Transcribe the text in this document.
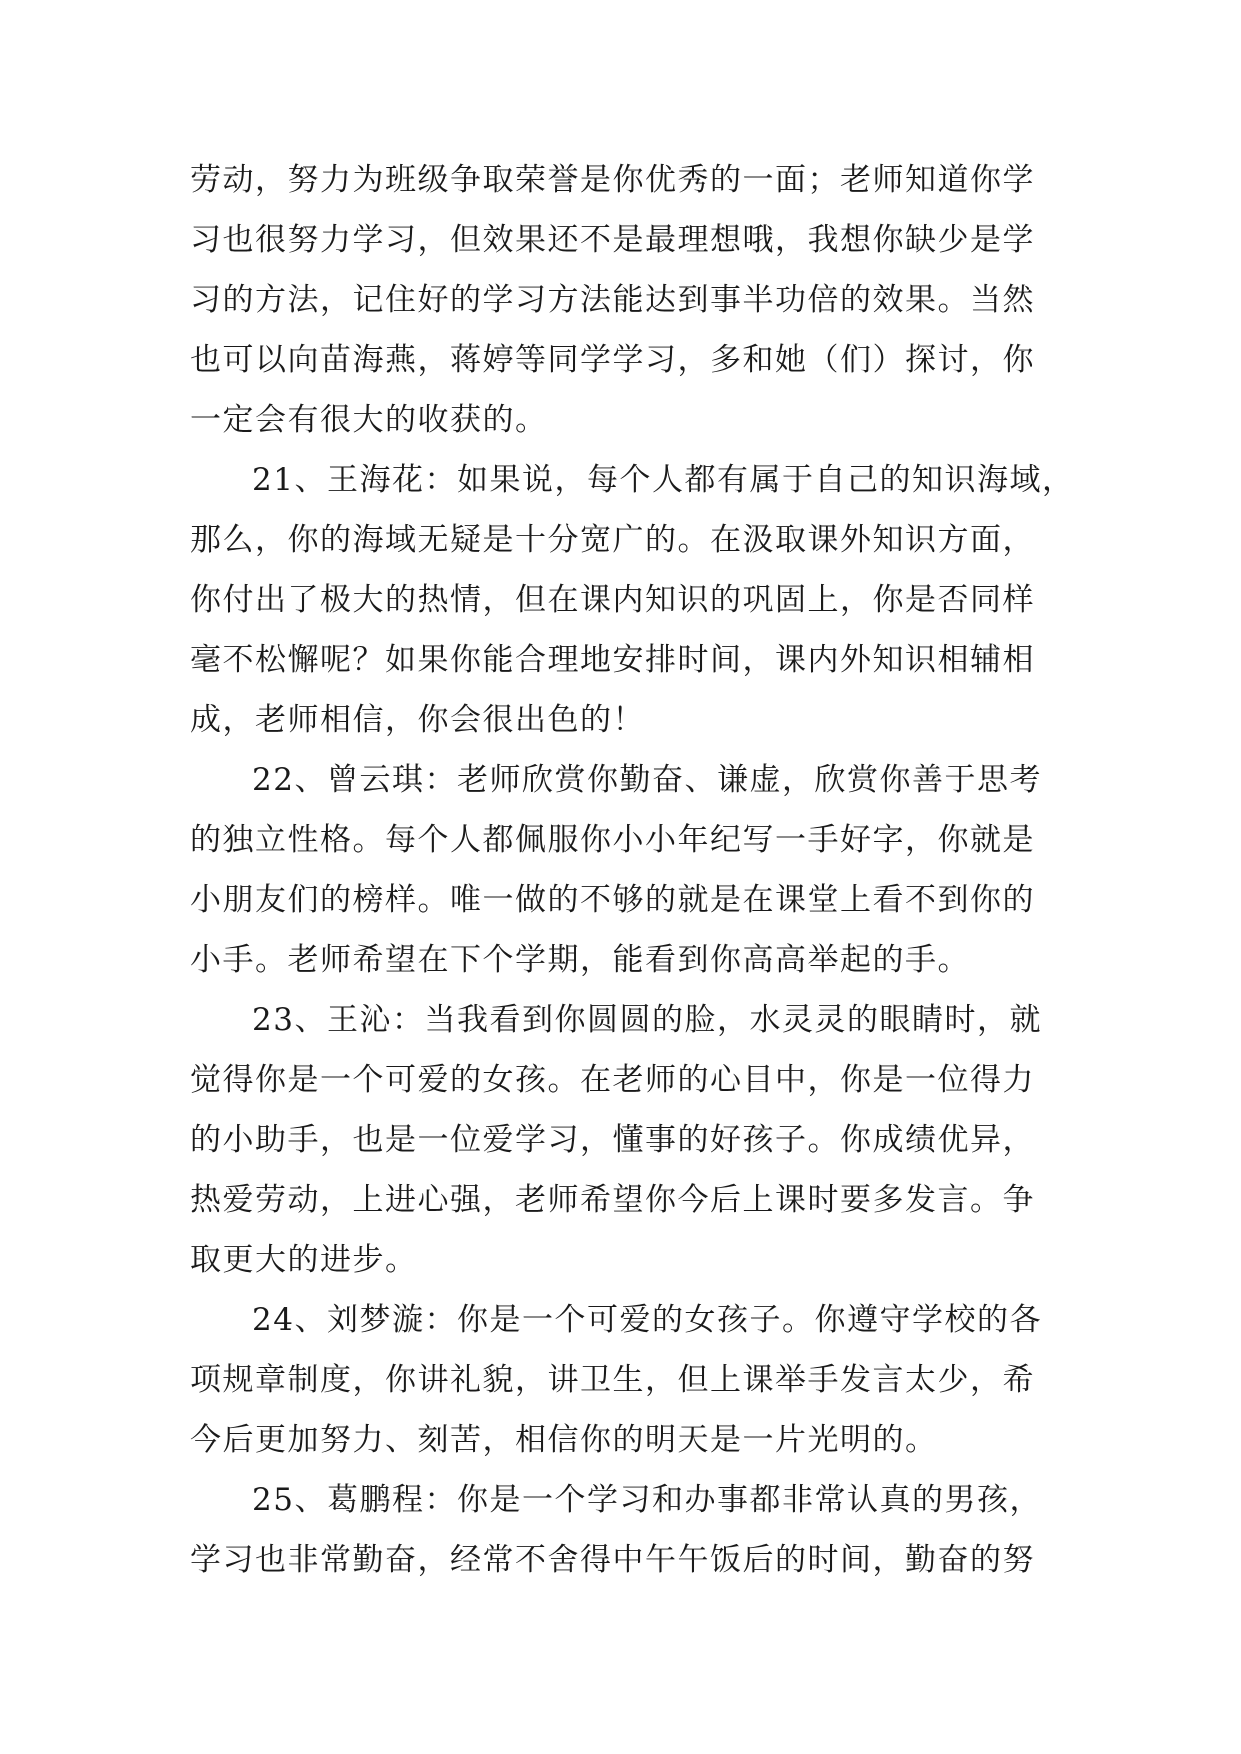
劳动，努力为班级争取荣誉是你优秀的一面；老师知道你学
习也很努力学习，但效果还不是最理想哦，我想你缺少是学
习的方法，记住好的学习方法能达到事半功倍的效果。当然
也可以向苗海燕，蒋婷等同学学习，多和她（们）探讨，你
一定会有很大的收获的。
21、王海花：如果说，每个人都有属于自己的知识海域，
那么，你的海域无疑是十分宽广的。在汲取课外知识方面，
你付出了极大的热情，但在课内知识的巩固上，你是否同样
毫不松懈呢？如果你能合理地安排时间，课内外知识相辅相
成，老师相信，你会很出色的！
22、曾云琪：老师欣赏你勤奋、谦虚，欣赏你善于思考
的独立性格。每个人都佩服你小小年纪写一手好字，你就是
小朋友们的榜样。唯一做的不够的就是在课堂上看不到你的
小手。老师希望在下个学期，能看到你高高举起的手。
23、王沁：当我看到你圆圆的脸，水灵灵的眼睛时，就
觉得你是一个可爱的女孩。在老师的心目中，你是一位得力
的小助手，也是一位爱学习，懂事的好孩子。你成绩优异，
热爱劳动，上进心强，老师希望你今后上课时要多发言。争
取更大的进步。
24、刘梦漩：你是一个可爱的女孩子。你遵守学校的各
项规章制度，你讲礼貌，讲卫生，但上课举手发言太少，希
今后更加努力、刻苦，相信你的明天是一片光明的。
25、葛鹏程：你是一个学习和办事都非常认真的男孩，
学习也非常勤奋，经常不舍得中午午饭后的时间，勤奋的努
